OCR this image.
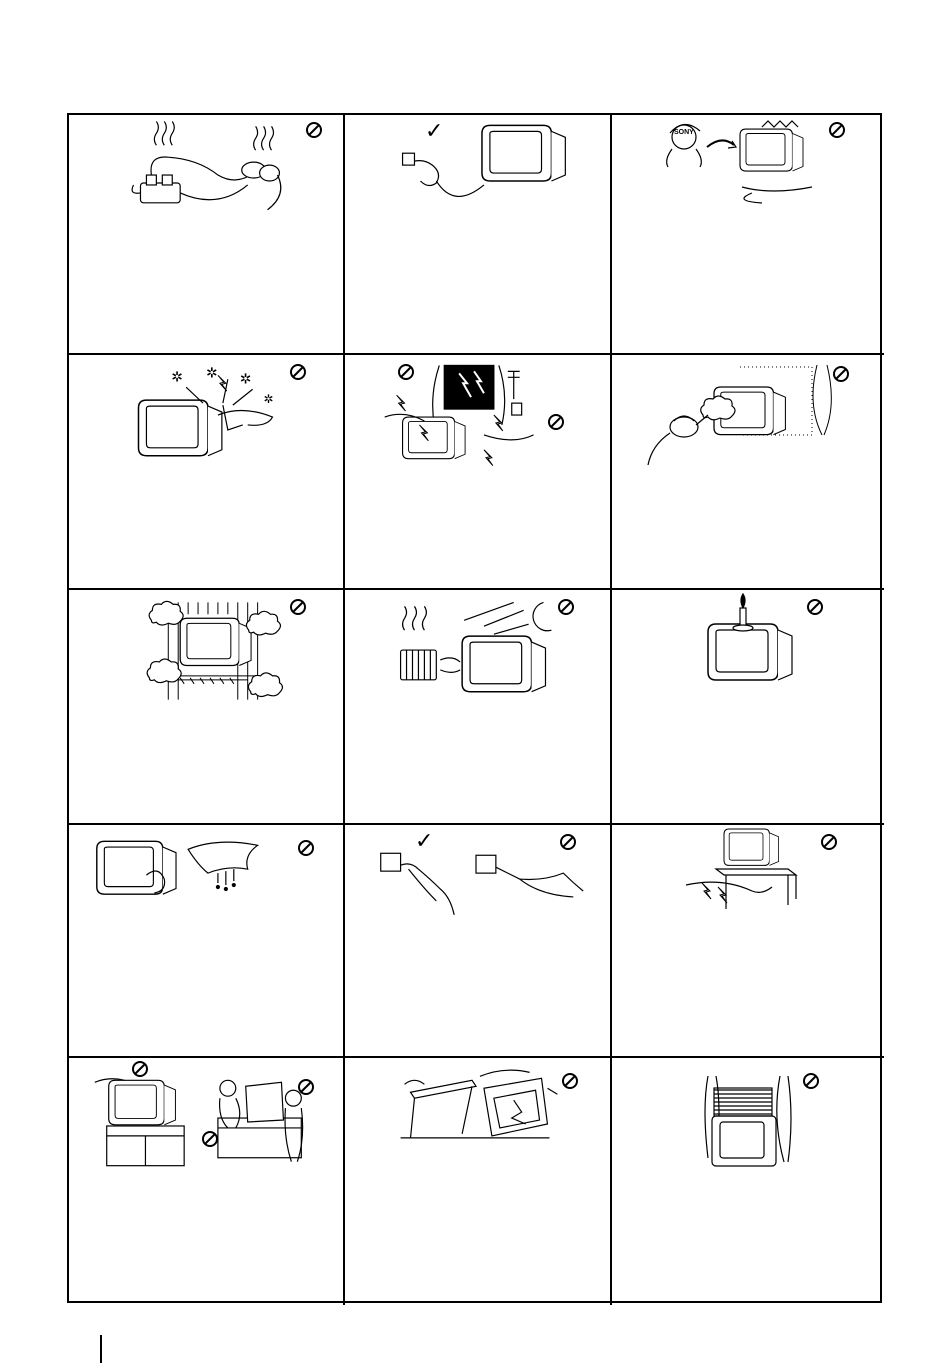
✓	SONY
✲ ✲ ✲
✲
✓
